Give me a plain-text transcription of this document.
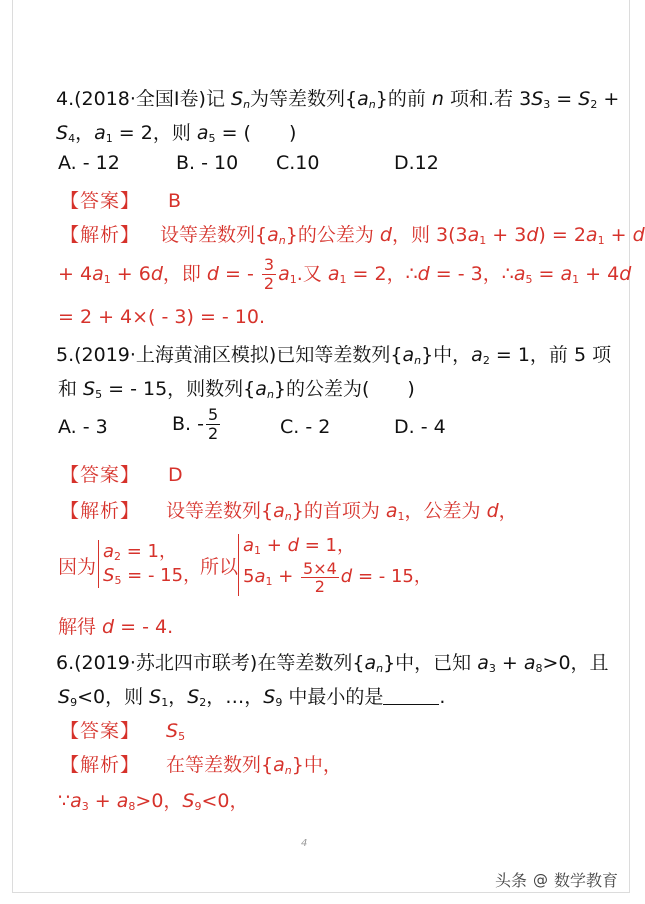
4.(2018·全国Ⅰ卷)记 $S_n$为等差数列$\{a_n\}$的前 n 项和.若 $3S_3 = S_2$ +
$S_4$，$a_1 = 2$，则 $a_5$ = (　　)
A. - 12	B. - 10 C.10	D.12
【答案】 B
【解析】 设等差数列$\{a_n\}$的公差为 d，则 $3(3a_1 + 3d) = 2a_1 + d$
+ $4a_1 + 6d$，即 d = - $\frac{3}{2} a_1$.又 $a_1 = 2$，∴d = - 3，$\therefore a_5 = a_1 + 4d$
= 2 + 4×( - 3) = - 10.
5.(2019·上海黄浦区模拟)已知等差数列$\{a_n\}$中，$a_2 = 1$，前 5 项
和 $S_5$ = - 15，则数列$\{a_n\}$的公差为(　　)
A. - 3	B. - $\frac{5}{2}$	C. - 2	D. - 4
【答案】 D
【解析】 设等差数列$\{a_n\}$的首项为 $a_1$，公差为 d，
因为
$a_2 = 1$，
$S_5$ = - 15，
所以
$a_1 + d = 1$，
$5a_1 + \frac{5\times 4}{2}$ d = - 15，
解得 d = - 4.
6.(2019·苏北四市联考)在等差数列$\{a_n\}$中，已知 $a_3 + a_8>0$，且
$S_9<0$，则 $S_1$，$S_2$，…，$S_9$ 中最小的是	.
【答案】 $S_5$
【解析】 在等差数列$\{a_n\}$中，
$\because a_3 + a_8>0$，$S_9<0$，
4
头条 @ 数学教育
